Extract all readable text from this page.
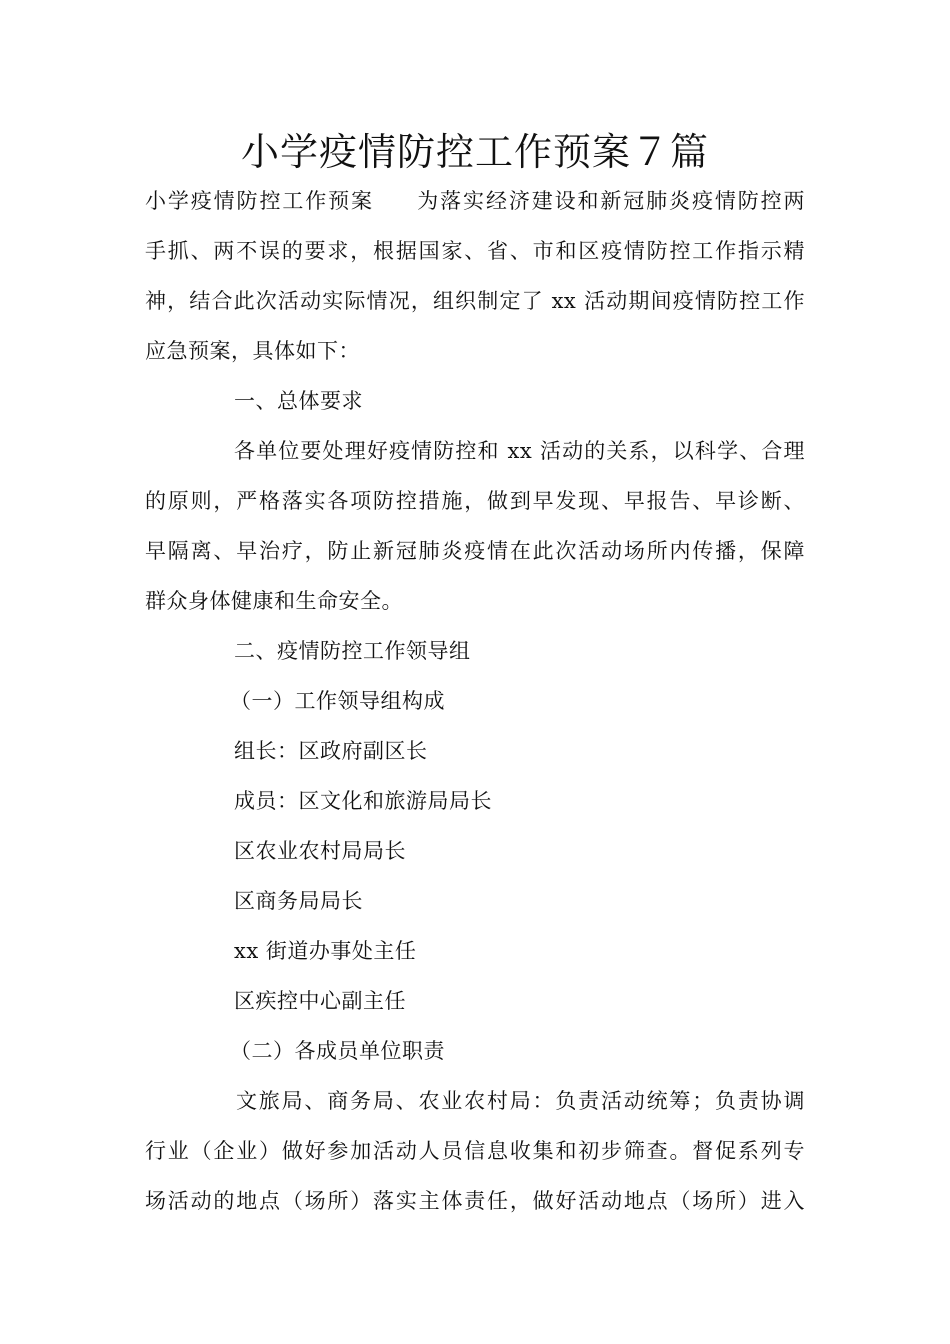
小学疫情防控工作预案７篇
小学疫情防控工作预案 为落实经济建设和新冠肺炎疫情防控两
手抓、两不误的要求，根据国家、省、市和区疫情防控工作指示精
神，结合此次活动实际情况，组织制定了 xx 活动期间疫情防控工作
应急预案，具体如下：
一、总体要求
各单位要处理好疫情防控和 xx 活动的关系，以科学、合理
的原则，严格落实各项防控措施，做到早发现、早报告、早诊断、
早隔离、早治疗，防止新冠肺炎疫情在此次活动场所内传播，保障
群众身体健康和生命安全。
二、疫情防控工作领导组
（一）工作领导组构成
组长：区政府副区长
成员：区文化和旅游局局长
区农业农村局局长
区商务局局长
xx 街道办事处主任
区疾控中心副主任
（二）各成员单位职责
文旅局、商务局、农业农村局：负责活动统筹；负责协调
行业（企业）做好参加活动人员信息收集和初步筛查。督促系列专
场活动的地点（场所）落实主体责任，做好活动地点（场所）进入
